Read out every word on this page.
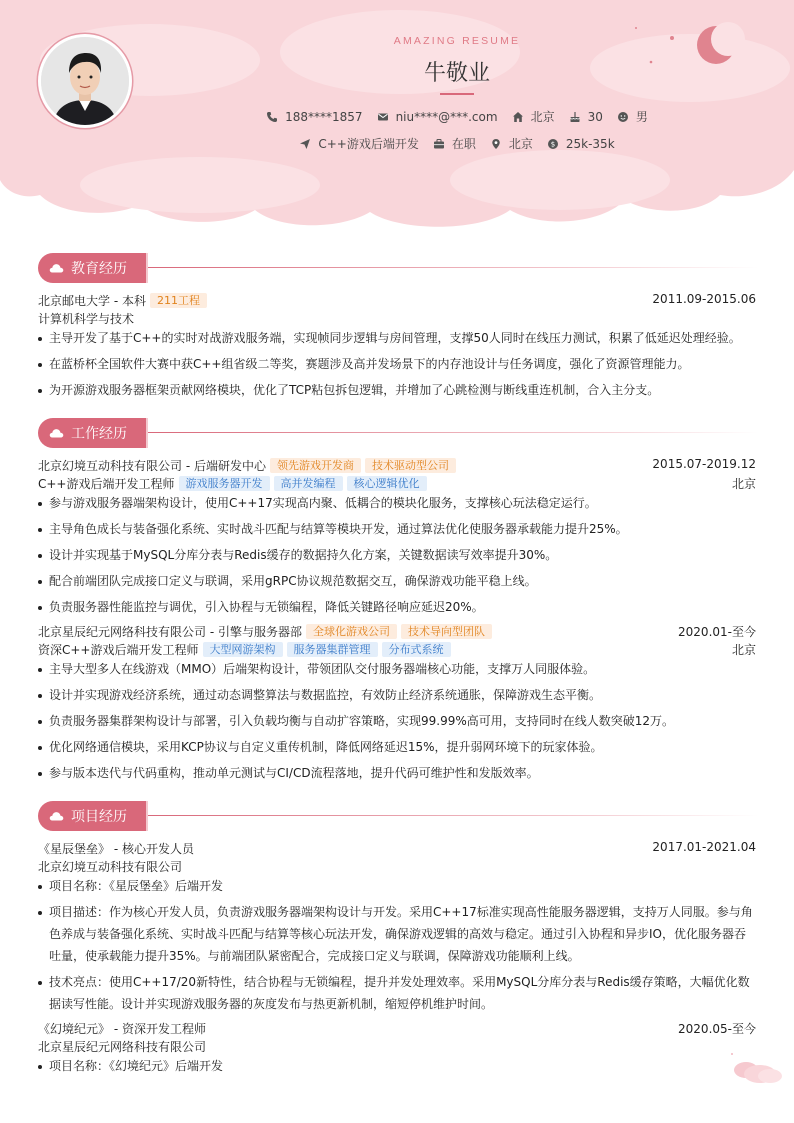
AMAZING RESUME
牛敬业
188****1857	niu****@***.com	北京	30	男
C++游戏后端开发	在职	北京	$ 25k-35k
教育经历
北京邮电大学 - 本科 211工程	2011.09-2015.06
计算机科学与技术
主导开发了基于C++的实时对战游戏服务端，实现帧同步逻辑与房间管理，支撑50人同时在线压力测试，积累了低延迟处理经验。
在蓝桥杯全国软件大赛中获C++组省级二等奖，赛题涉及高并发场景下的内存池设计与任务调度，强化了资源管理能力。
为开源游戏服务器框架贡献网络模块，优化了TCP粘包拆包逻辑，并增加了心跳检测与断线重连机制，合入主分支。
工作经历
北京幻境互动科技有限公司 - 后端研发中心 领先游戏开发商 技术驱动型公司	2015.07-2019.12
C++游戏后端开发工程师 游戏服务器开发 高并发编程 核心逻辑优化	北京
参与游戏服务器端架构设计，使用C++17实现高内聚、低耦合的模块化服务，支撑核心玩法稳定运行。
主导角色成长与装备强化系统、实时战斗匹配与结算等模块开发，通过算法优化使服务器承载能力提升25%。
设计并实现基于MySQL分库分表与Redis缓存的数据持久化方案，关键数据读写效率提升30%。
配合前端团队完成接口定义与联调，采用gRPC协议规范数据交互，确保游戏功能平稳上线。
负责服务器性能监控与调优，引入协程与无锁编程，降低关键路径响应延迟20%。
北京星辰纪元网络科技有限公司 - 引擎与服务器部 全球化游戏公司 技术导向型团队	2020.01-至今
资深C++游戏后端开发工程师 大型网游架构 服务器集群管理 分布式系统	北京
主导大型多人在线游戏（MMO）后端架构设计，带领团队交付服务器端核心功能，支撑万人同服体验。
设计并实现游戏经济系统，通过动态调整算法与数据监控，有效防止经济系统通胀，保障游戏生态平衡。
负责服务器集群架构设计与部署，引入负载均衡与自动扩容策略，实现99.99%高可用，支持同时在线人数突破12万。
优化网络通信模块，采用KCP协议与自定义重传机制，降低网络延迟15%，提升弱网环境下的玩家体验。
参与版本迭代与代码重构，推动单元测试与CI/CD流程落地，提升代码可维护性和发版效率。
项目经历
《星辰堡垒》 - 核心开发人员	2017.01-2021.04
北京幻境互动科技有限公司
项目名称：《星辰堡垒》后端开发
项目描述：作为核心开发人员，负责游戏服务器端架构设计与开发。采用C++17标准实现高性能服务器逻辑，支持万人同服。参与角色养成与装备强化系统、实时战斗匹配与结算等核心玩法开发，确保游戏逻辑的高效与稳定。通过引入协程和异步IO，优化服务器吞吐量，使承载能力提升35%。与前端团队紧密配合，完成接口定义与联调，保障游戏功能顺利上线。
技术亮点：使用C++17/20新特性，结合协程与无锁编程，提升并发处理效率。采用MySQL分库分表与Redis缓存策略，大幅优化数据读写性能。设计并实现游戏服务器的灰度发布与热更新机制，缩短停机维护时间。
《幻境纪元》 - 资深开发工程师	2020.05-至今
北京星辰纪元网络科技有限公司
项目名称：《幻境纪元》后端开发
